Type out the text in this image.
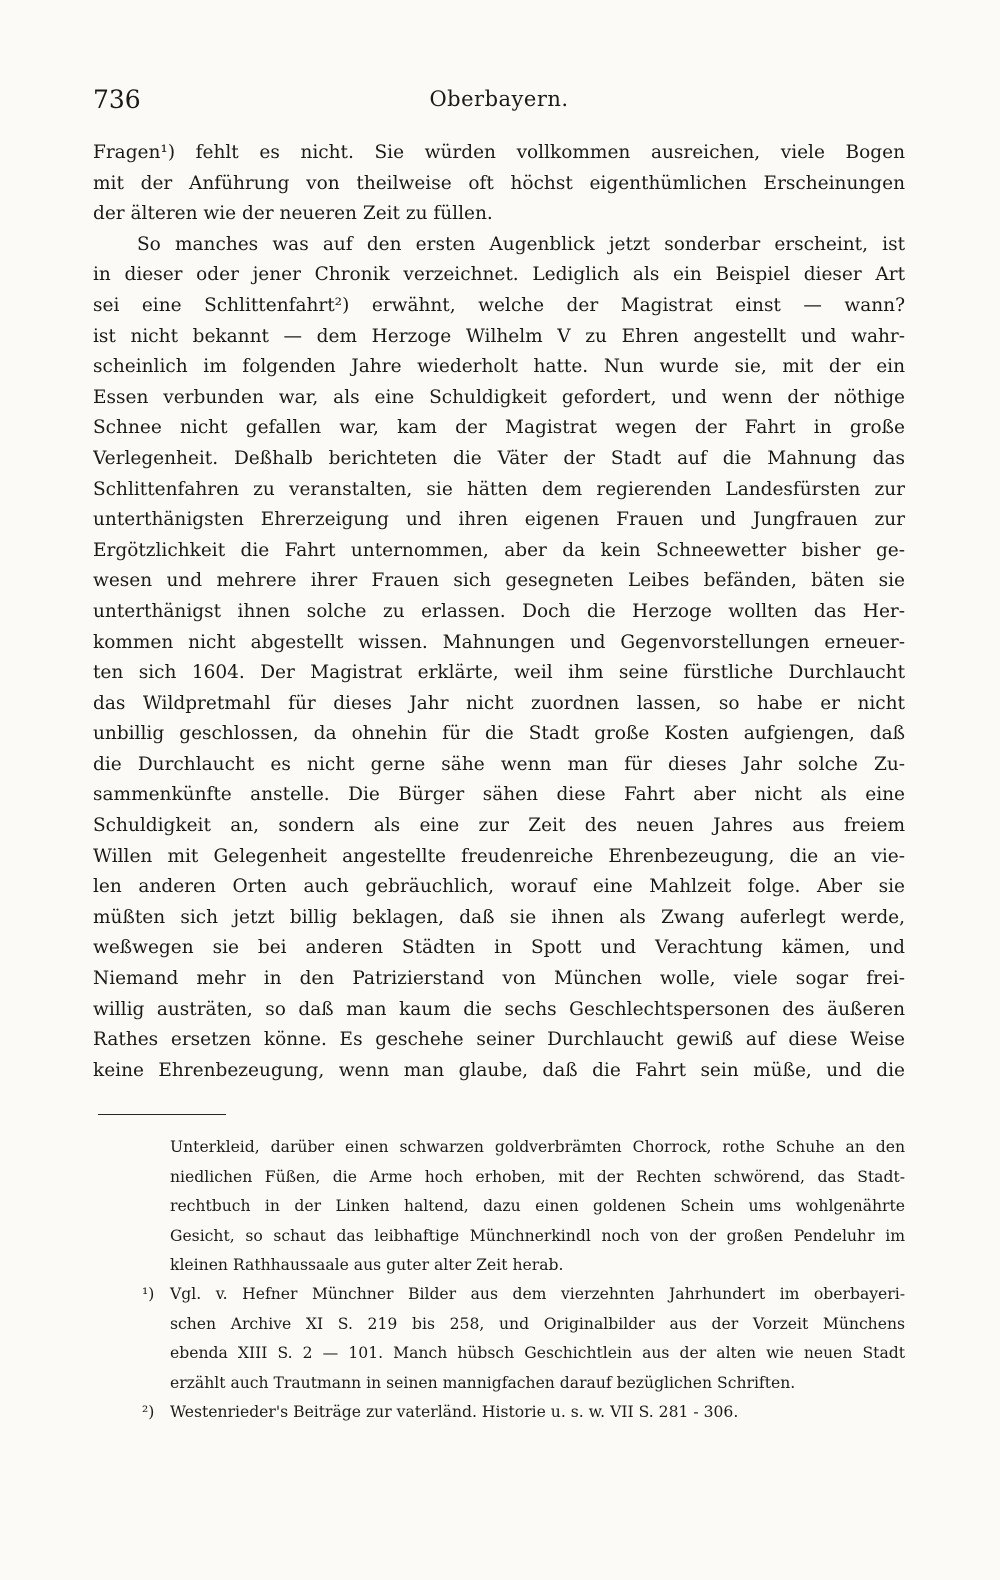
736	Oberbayern.
Fragen¹) fehlt es nicht. Sie würden vollkommen ausreichen, viele Bogen
mit der Anführung von theilweise oft höchst eigenthümlichen Erscheinungen
der älteren wie der neueren Zeit zu füllen.
So manches was auf den ersten Augenblick jetzt sonderbar erscheint, ist
in dieser oder jener Chronik verzeichnet. Lediglich als ein Beispiel dieser Art
sei eine Schlittenfahrt²) erwähnt, welche der Magistrat einst — wann?
ist nicht bekannt — dem Herzoge Wilhelm V zu Ehren angestellt und wahr-
scheinlich im folgenden Jahre wiederholt hatte. Nun wurde sie, mit der ein
Essen verbunden war, als eine Schuldigkeit gefordert, und wenn der nöthige
Schnee nicht gefallen war, kam der Magistrat wegen der Fahrt in große
Verlegenheit. Deßhalb berichteten die Väter der Stadt auf die Mahnung das
Schlittenfahren zu veranstalten, sie hätten dem regierenden Landesfürsten zur
unterthänigsten Ehrerzeigung und ihren eigenen Frauen und Jungfrauen zur
Ergötzlichkeit die Fahrt unternommen, aber da kein Schneewetter bisher ge-
wesen und mehrere ihrer Frauen sich gesegneten Leibes befänden, bäten sie
unterthänigst ihnen solche zu erlassen. Doch die Herzoge wollten das Her-
kommen nicht abgestellt wissen. Mahnungen und Gegenvorstellungen erneuer-
ten sich 1604. Der Magistrat erklärte, weil ihm seine fürstliche Durchlaucht
das Wildpretmahl für dieses Jahr nicht zuordnen lassen, so habe er nicht
unbillig geschlossen, da ohnehin für die Stadt große Kosten aufgiengen, daß
die Durchlaucht es nicht gerne sähe wenn man für dieses Jahr solche Zu-
sammenkünfte anstelle. Die Bürger sähen diese Fahrt aber nicht als eine
Schuldigkeit an, sondern als eine zur Zeit des neuen Jahres aus freiem
Willen mit Gelegenheit angestellte freudenreiche Ehrenbezeugung, die an vie-
len anderen Orten auch gebräuchlich, worauf eine Mahlzeit folge. Aber sie
müßten sich jetzt billig beklagen, daß sie ihnen als Zwang auferlegt werde,
weßwegen sie bei anderen Städten in Spott und Verachtung kämen, und
Niemand mehr in den Patrizierstand von München wolle, viele sogar frei-
willig austräten, so daß man kaum die sechs Geschlechtspersonen des äußeren
Rathes ersetzen könne. Es geschehe seiner Durchlaucht gewiß auf diese Weise
keine Ehrenbezeugung, wenn man glaube, daß die Fahrt sein müße, und die
Unterkleid, darüber einen schwarzen goldverbrämten Chorrock, rothe Schuhe an den
niedlichen Füßen, die Arme hoch erhoben, mit der Rechten schwörend, das Stadt-
rechtbuch in der Linken haltend, dazu einen goldenen Schein ums wohlgenährte
Gesicht, so schaut das leibhaftige Münchnerkindl noch von der großen Pendeluhr im
kleinen Rathhaussaale aus guter alter Zeit herab.
¹)	Vgl. v. Hefner Münchner Bilder aus dem vierzehnten Jahrhundert im oberbayeri-
schen Archive XI S. 219 bis 258, und Originalbilder aus der Vorzeit Münchens
ebenda XIII S. 2 — 101. Manch hübsch Geschichtlein aus der alten wie neuen Stadt
erzählt auch Trautmann in seinen mannigfachen darauf bezüglichen Schriften.
²)	Westenrieder's Beiträge zur vaterländ. Historie u. s. w. VII S. 281 - 306.
